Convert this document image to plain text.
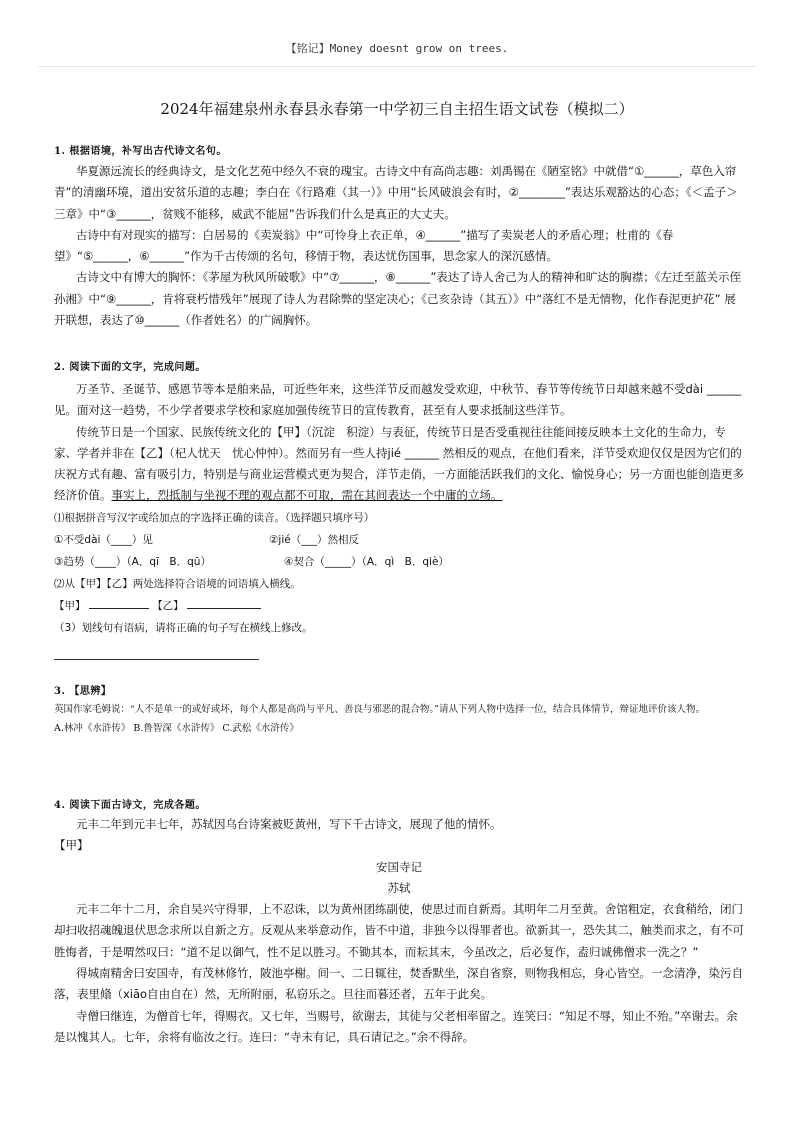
【铭记】Money doesnt grow on trees.
2024年福建泉州永春县永春第一中学初三自主招生语文试卷（模拟二）
1. 根据语境，补写出古代诗文名句。

华夏源远流长的经典诗文，是文化艺苑中经久不衰的瑰宝。古诗文中有高尚志趣：刘禹锡在《陋室铭》中就借“①______，草色入帘青”的清幽环境，道出安贫乐道的志趣；李白在《行路难（其一）》中用“长风破浪会有时，②________”表达乐观豁达的心态；《＜孟子＞三章》中“③______，贫贱不能移，威武不能屈”告诉我们什么是真正的大丈夫。

古诗中有对现实的描写：白居易的《卖炭翁》中“可怜身上衣正单，④______”描写了卖炭老人的矛盾心理；杜甫的《春望》“⑤______，⑥______”作为千古传颂的名句，移情于物，表达忧伤国事，思念家人的深沉感情。

古诗文中有博大的胸怀：《茅屋为秋风所破歌》中“⑦______，⑧______”表达了诗人舍己为人的精神和旷达的胸襟；《左迁至蓝关示侄孙湘》中“⑨______，肯将衰朽惜残年”展现了诗人为君除弊的坚定决心；《己亥杂诗（其五）》中“落红不是无情物，化作春泥更护花” 展开联想，表达了⑩______（作者姓名）的广阔胸怀。

2. 阅读下面的文字，完成问题。

万圣节、圣诞节、感恩节等本是舶来品，可近些年来，这些洋节反而越发受欢迎，中秋节、春节等传统节日却越来越不受dài ______ 见。面对这一趋势，不少学者要求学校和家庭加强传统节日的宣传教育，甚至有人要求抵制这些洋节。

传统节日是一个国家、民族传统文化的【甲】（沉淀　积淀）与表征，传统节日是否受重视往往能间接反映本土文化的生命力，专家、学者并非在【乙】（杞人忧天　忧心忡忡）。然而另有一些人持jié ______ 然相反的观点，在他们看来，洋节受欢迎仅仅是因为它们的庆祝方式有趣、富有吸引力，特别是与商业运营模式更为契合，洋节走俏，一方面能活跃我们的文化、愉悦身心；另一方面也能创造更多经济价值。事实上，烈抵制与坐视不理的观点都不可取，需在其间表达一个中庸的立场。

⑴根据拼音写汉字或给加点的字选择正确的读音。（选择题只填序号）

①不受dài（____）见	②jié（___）然相反

③趋势（____）（A．qī　B．qū）	④契合（_____）（A．qì　B．qiè）

⑵从【甲】【乙】两处选择符合语境的词语填入横线。

【甲】	【乙】

（3）划线句有语病，请将正确的句子写在横线上修改。

3. 【思辨】

英国作家毛姆说：“人不是单一的或好或坏，每个人都是高尚与平凡、善良与邪恶的混合物。”请从下列人物中选择一位，结合具体情节，辩证地评价该人物。

A.林冲《水浒传》 B.鲁智深《水浒传》 C.武松《水浒传》

4. 阅读下面古诗文，完成各题。

元丰二年到元丰七年，苏轼因乌台诗案被贬黄州，写下千古诗文，展现了他的情怀。

【甲】

安国寺记

苏轼

元丰二年十二月，余自吴兴守得罪，上不忍诛，以为黄州团练副使，使思过而自新焉。其明年二月至黄。舍馆粗定，衣食稍给，闭门却扫收招魂魄退伏思念求所以自新之方。反观从来举意动作，皆不中道，非独今以得罪者也。欲新其一，恐失其二，触类而求之，有不可胜悔者，于是喟然叹曰：“道不足以御气，性不足以胜习。不锄其本，而耘其末，今虽改之，后必复作，盍归诚佛僧求一洗之？”

得城南精舍曰安国寺，有茂林修竹，陂池亭榭。间一、二日辄往，焚香默坐，深自省察，则物我相忘，身心皆空。一念清净，染污自落，表里翛（xiāo自由自在）然，无所附丽，私窃乐之。旦往而暮还者，五年于此矣。

寺僧曰继连，为僧首七年，得赐衣。又七年，当赐号，欲谢去，其徒与父老相率留之。连笑曰：“知足不辱，知止不殆。”卒谢去。余是以愧其人。七年，余将有临汝之行。连曰：“寺未有记，具石请记之。”余不得辞。
